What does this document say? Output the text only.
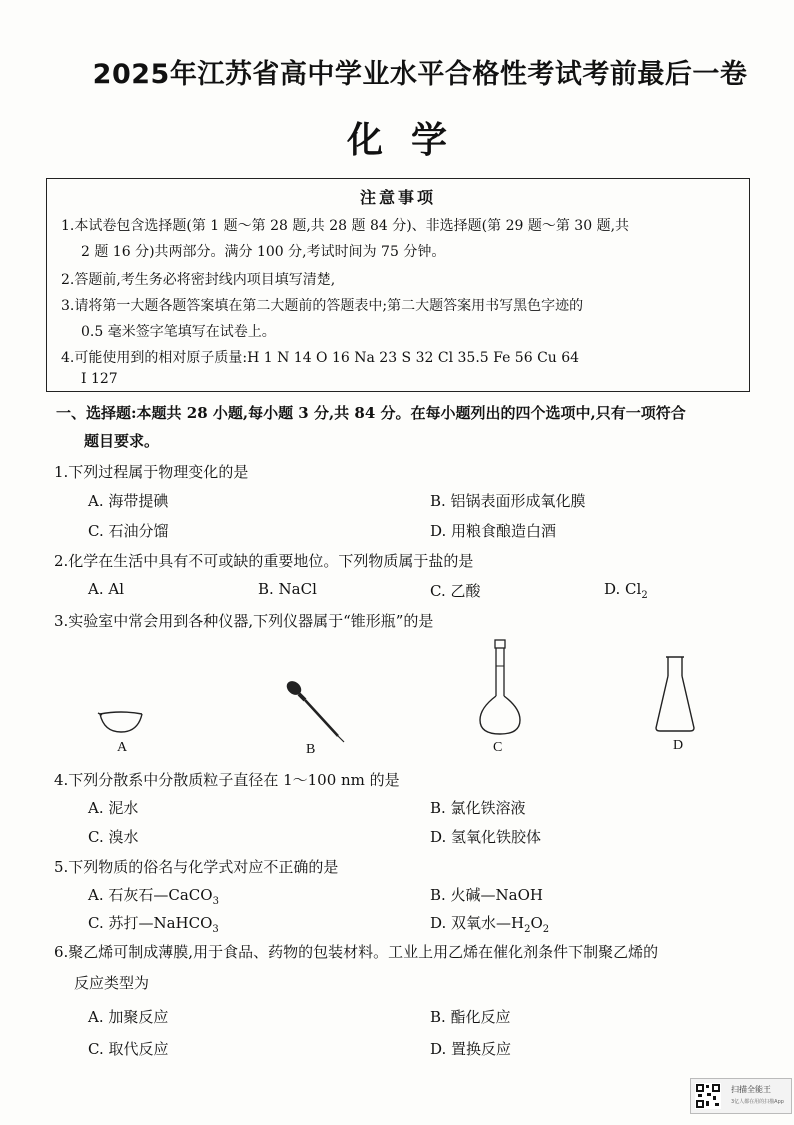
2025年江苏省高中学业水平合格性考试考前最后一卷
化学
注意事项
1.本试卷包含选择题(第 1 题～第 28 题,共 28 题 84 分)、非选择题(第 29 题～第 30 题,共
2 题 16 分)共两部分。满分 100 分,考试时间为 75 分钟。
2.答题前,考生务必将密封线内项目填写清楚,
3.请将第一大题各题答案填在第二大题前的答题表中;第二大题答案用书写黑色字迹的
0.5 毫米签字笔填写在试卷上。
4.可能使用到的相对原子质量:H 1 N 14 O 16 Na 23 S 32 Cl 35.5 Fe 56 Cu 64
I 127
一、选择题:本题共 28 小题,每小题 3 分,共 84 分。在每小题列出的四个选项中,只有一项符合
题目要求。
1.下列过程属于物理变化的是
A. 海带提碘	B. 铝锅表面形成氧化膜
C. 石油分馏	D. 用粮食酿造白酒
2.化学在生活中具有不可或缺的重要地位。下列物质属于盐的是
A. Al	B. NaCl	C. 乙酸	D. $Cl_2$
3.实验室中常会用到各种仪器,下列仪器属于“锥形瓶”的是
A	B	C	D
4.下列分散系中分散质粒子直径在 1～100 nm 的是
A. 泥水	B. 氯化铁溶液
C. 溴水	D. 氢氧化铁胶体
5.下列物质的俗名与化学式对应不正确的是
A. 石灰石—CaCO$_3$	B. 火碱—NaOH
C. 苏打—NaHCO$_3$	D. 双氧水$—H_2O_2$
6.聚乙烯可制成薄膜,用于食品、药物的包装材料。工业上用乙烯在催化剂条件下制聚乙烯的
反应类型为
A. 加聚反应	B. 酯化反应
C. 取代反应	D. 置换反应
扫描全能王
3亿人都在用的扫描App
